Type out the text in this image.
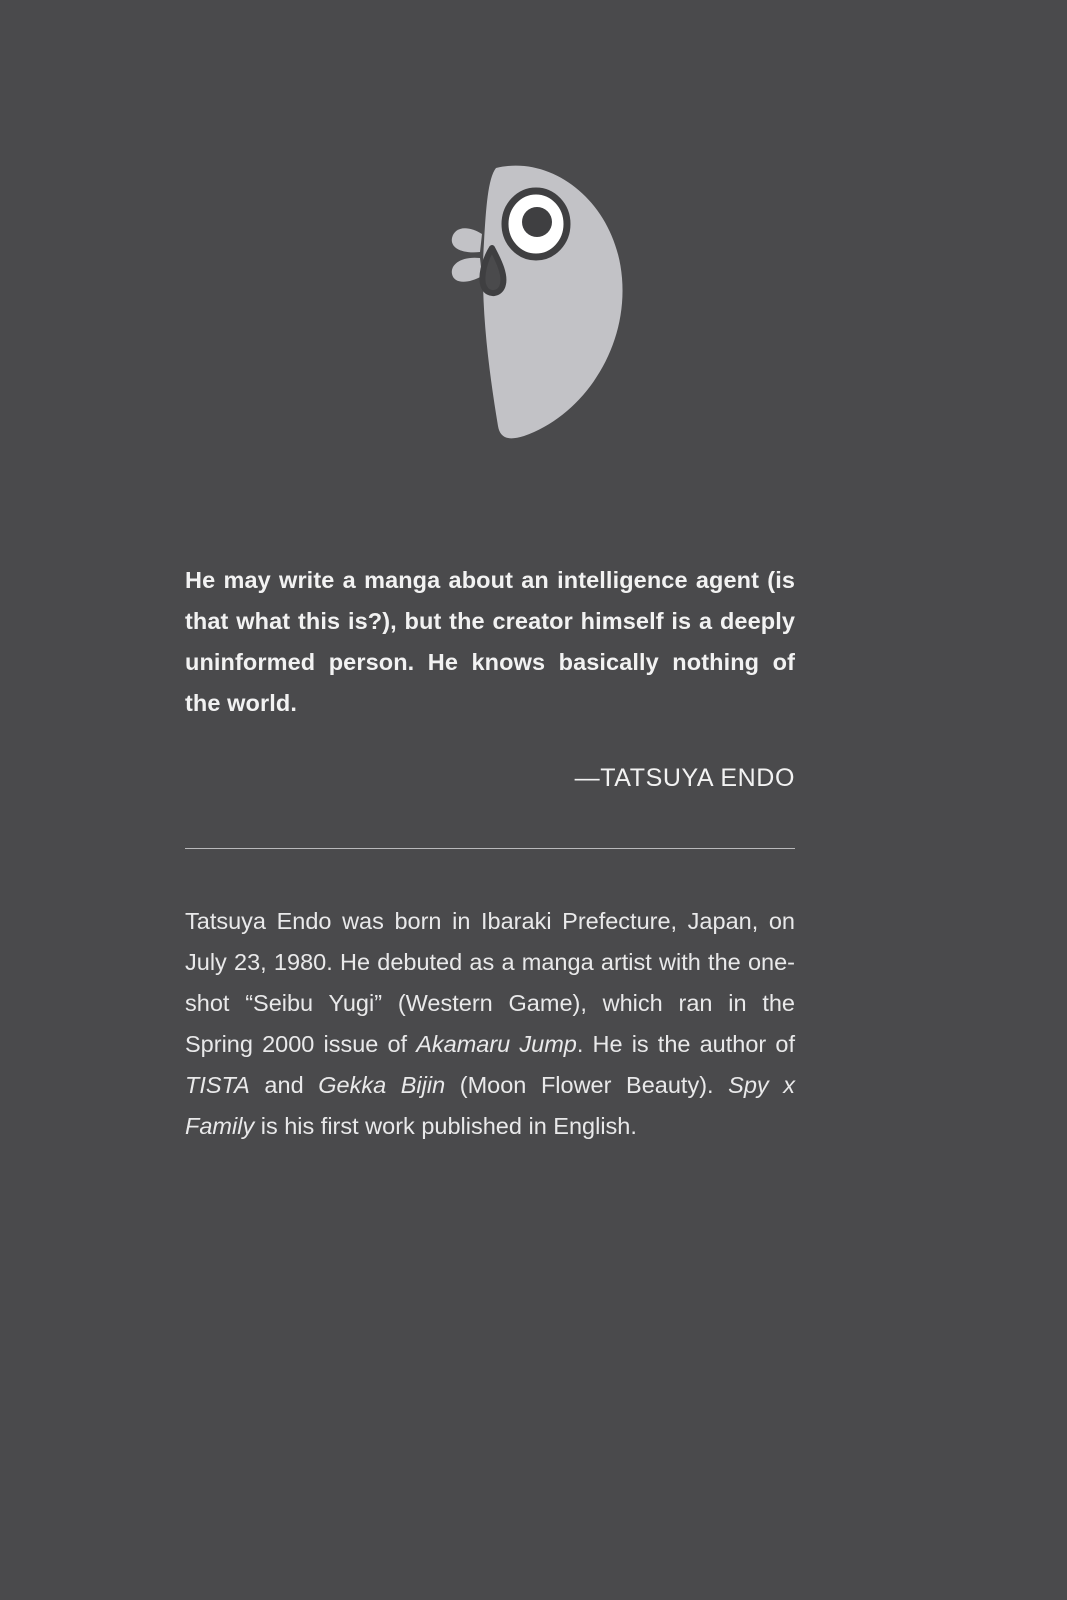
He may write a manga about an intelligence agent (is that what this is?), but the creator himself is a deeply uninformed person. He knows basically nothing of the world.

—TATSUYA ENDO
Tatsuya Endo was born in Ibaraki Prefecture, Japan, on July 23, 1980. He debuted as a manga artist with the one-shot “Seibu Yugi” (Western Game), which ran in the Spring 2000 issue of Akamaru Jump. He is the author of TISTA and Gekka Bijin (Moon Flower Beauty). Spy x Family is his first work published in English.
